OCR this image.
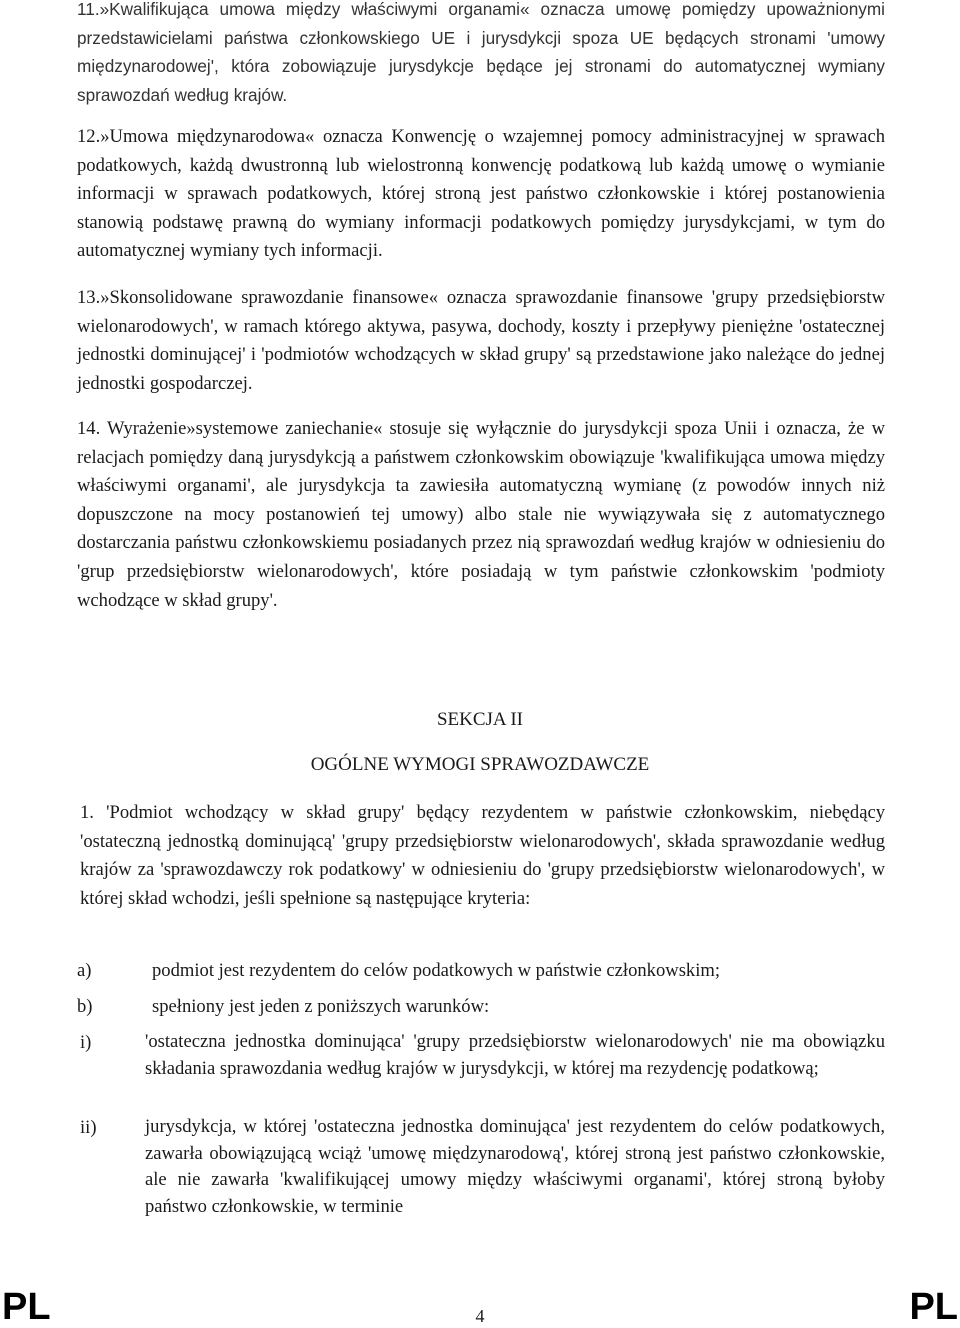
11.»Kwalifikująca umowa między właściwymi organami« oznacza umowę pomiędzy upoważnionymi przedstawicielami państwa członkowskiego UE i jurysdykcji spoza UE będących stronami 'umowy międzynarodowej', która zobowiązuje jurysdykcje będące jej stronami do automatycznej wymiany sprawozdań według krajów.

12.»Umowa międzynarodowa« oznacza Konwencję o wzajemnej pomocy administracyjnej w sprawach podatkowych, każdą dwustronną lub wielostronną konwencję podatkową lub każdą umowę o wymianie informacji w sprawach podatkowych, której stroną jest państwo członkowskie i której postanowienia stanowią podstawę prawną do wymiany informacji podatkowych pomiędzy jurysdykcjami, w tym do automatycznej wymiany tych informacji.

13.»Skonsolidowane sprawozdanie finansowe« oznacza sprawozdanie finansowe 'grupy przedsiębiorstw wielonarodowych', w ramach którego aktywa, pasywa, dochody, koszty i przepływy pieniężne 'ostatecznej jednostki dominującej' i 'podmiotów wchodzących w skład grupy' są przedstawione jako należące do jednej jednostki gospodarczej.

14. Wyrażenie»systemowe zaniechanie« stosuje się wyłącznie do jurysdykcji spoza Unii i oznacza, że w relacjach pomiędzy daną jurysdykcją a państwem członkowskim obowiązuje 'kwalifikująca umowa między właściwymi organami', ale jurysdykcja ta zawiesiła automatyczną wymianę (z powodów innych niż dopuszczone na mocy postanowień tej umowy) albo stale nie wywiązywała się z automatycznego dostarczania państwu członkowskiemu posiadanych przez nią sprawozdań według krajów w odniesieniu do 'grup przedsiębiorstw wielonarodowych', które posiadają w tym państwie członkowskim 'podmioty wchodzące w skład grupy'.

SEKCJA II
OGÓLNE WYMOGI SPRAWOZDAWCZE

1. 'Podmiot wchodzący w skład grupy' będący rezydentem w państwie członkowskim, niebędący 'ostateczną jednostką dominującą' 'grupy przedsiębiorstw wielonarodowych', składa sprawozdanie według krajów za 'sprawozdawczy rok podatkowy' w odniesieniu do 'grupy przedsiębiorstw wielonarodowych', w której skład wchodzi, jeśli spełnione są następujące kryteria:

a)	podmiot jest rezydentem do celów podatkowych w państwie członkowskim;
b)	spełniony jest jeden z poniższych warunków:
i)	'ostateczna jednostka dominująca' 'grupy przedsiębiorstw wielonarodowych' nie ma obowiązku składania sprawozdania według krajów w jurysdykcji, w której ma rezydencję podatkową;

ii)	jurysdykcja, w której 'ostateczna jednostka dominująca' jest rezydentem do celów podatkowych, zawarła obowiązującą wciąż 'umowę międzynarodową', której stroną jest państwo członkowskie, ale nie zawarła 'kwalifikującej umowy między właściwymi organami', której stroną byłoby państwo członkowskie, w terminie

PL	4	PL
